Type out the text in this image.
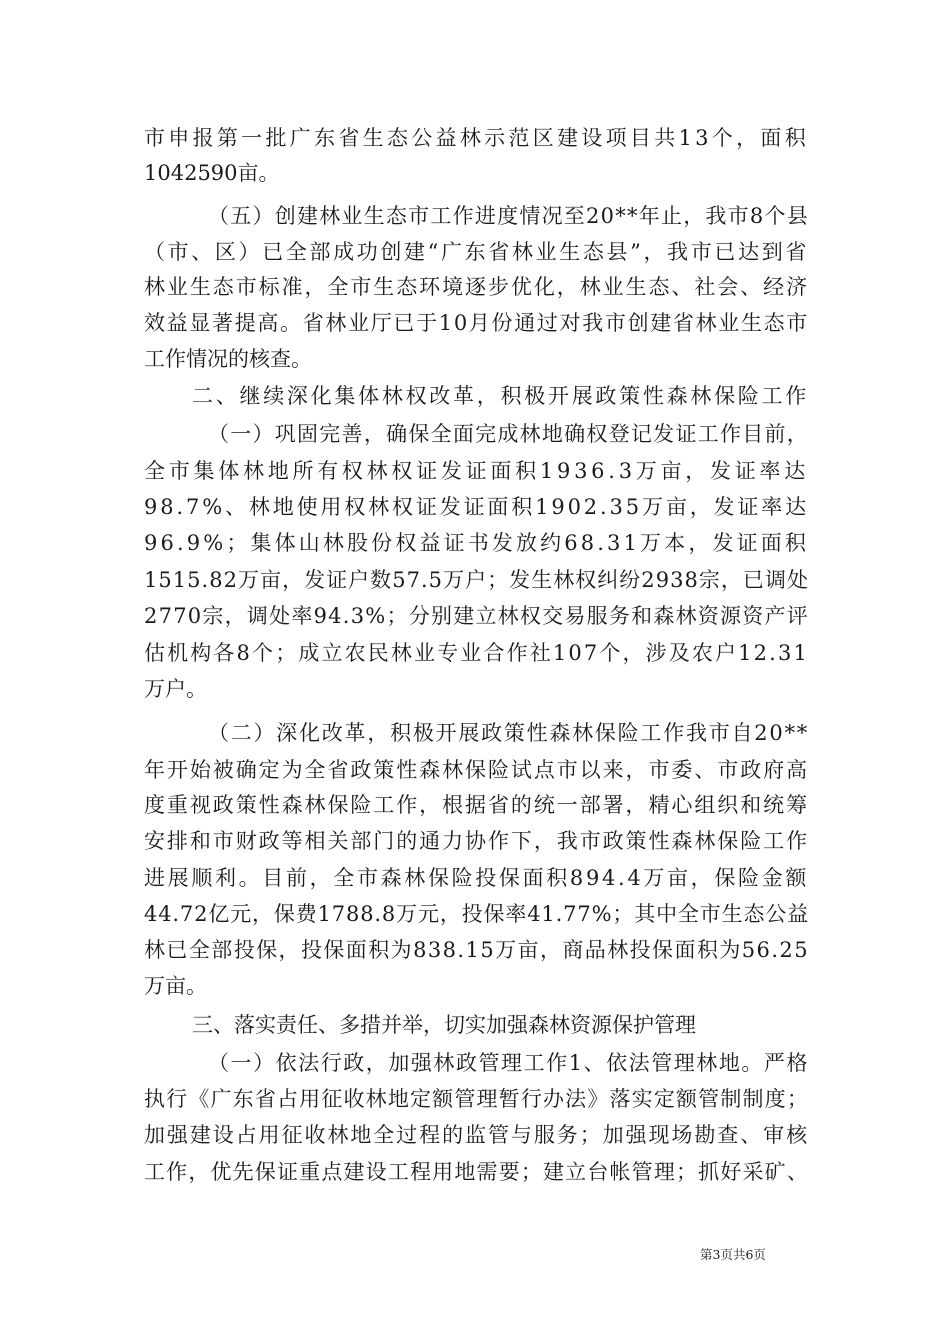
市申报第一批广东省生态公益林示范区建设项目共13个，面积
1042590亩。
（五）创建林业生态市工作进度情况至20**年止，我市8个县
（市、区）已全部成功创建“广东省林业生态县”，我市已达到省
林业生态市标准，全市生态环境逐步优化，林业生态、社会、经济
效益显著提高。省林业厅已于10月份通过对我市创建省林业生态市
工作情况的核查。
二、继续深化集体林权改革，积极开展政策性森林保险工作
（一）巩固完善，确保全面完成林地确权登记发证工作目前，
全市集体林地所有权林权证发证面积1936.3万亩，发证率达
98.7%、林地使用权林权证发证面积1902.35万亩，发证率达
96.9%；集体山林股份权益证书发放约68.31万本，发证面积
1515.82万亩，发证户数57.5万户；发生林权纠纷2938宗，已调处
2770宗，调处率94.3%；分别建立林权交易服务和森林资源资产评
估机构各8个；成立农民林业专业合作社107个，涉及农户12.31
万户。
（二）深化改革，积极开展政策性森林保险工作我市自20**
年开始被确定为全省政策性森林保险试点市以来，市委、市政府高
度重视政策性森林保险工作，根据省的统一部署，精心组织和统筹
安排和市财政等相关部门的通力协作下，我市政策性森林保险工作
进展顺利。目前，全市森林保险投保面积894.4万亩，保险金额
44.72亿元，保费1788.8万元，投保率41.77%；其中全市生态公益
林已全部投保，投保面积为838.15万亩，商品林投保面积为56.25
万亩。
三、落实责任、多措并举，切实加强森林资源保护管理
（一）依法行政，加强林政管理工作1、依法管理林地。严格
执行《广东省占用征收林地定额管理暂行办法》落实定额管制制度；
加强建设占用征收林地全过程的监管与服务；加强现场勘查、审核
工作，优先保证重点建设工程用地需要；建立台帐管理；抓好采矿、
第3页共6页
